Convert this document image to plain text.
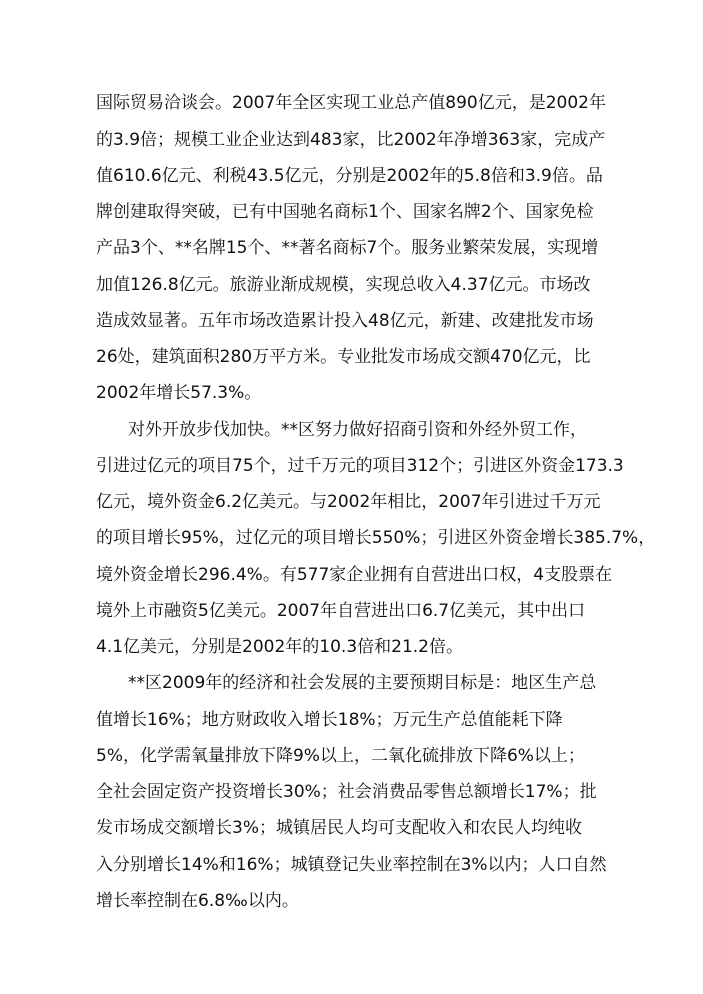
国际贸易洽谈会。2007年全区实现工业总产值890亿元，是2002年
的3.9倍；规模工业企业达到483家，比2002年净增363家，完成产
值610.6亿元、利税43.5亿元，分别是2002年的5.8倍和3.9倍。品
牌创建取得突破，已有中国驰名商标1个、国家名牌2个、国家免检
产品3个、**名牌15个、**著名商标7个。服务业繁荣发展，实现增
加值126.8亿元。旅游业渐成规模，实现总收入4.37亿元。市场改
造成效显著。五年市场改造累计投入48亿元，新建、改建批发市场
26处，建筑面积280万平方米。专业批发市场成交额470亿元，比
2002年增长57.3%。
对外开放步伐加快。**区努力做好招商引资和外经外贸工作，
引进过亿元的项目75个，过千万元的项目312个；引进区外资金173.3
亿元，境外资金6.2亿美元。与2002年相比，2007年引进过千万元
的项目增长95%，过亿元的项目增长550%；引进区外资金增长385.7%，
境外资金增长296.4%。有577家企业拥有自营进出口权，4支股票在
境外上市融资5亿美元。2007年自营进出口6.7亿美元，其中出口
4.1亿美元，分别是2002年的10.3倍和21.2倍。
**区2009年的经济和社会发展的主要预期目标是：地区生产总
值增长16%；地方财政收入增长18%；万元生产总值能耗下降
5%，化学需氧量排放下降9%以上，二氧化硫排放下降6%以上；
全社会固定资产投资增长30%；社会消费品零售总额增长17%；批
发市场成交额增长3%；城镇居民人均可支配收入和农民人均纯收
入分别增长14%和16%；城镇登记失业率控制在3%以内；人口自然
增长率控制在6.8‰以内。
